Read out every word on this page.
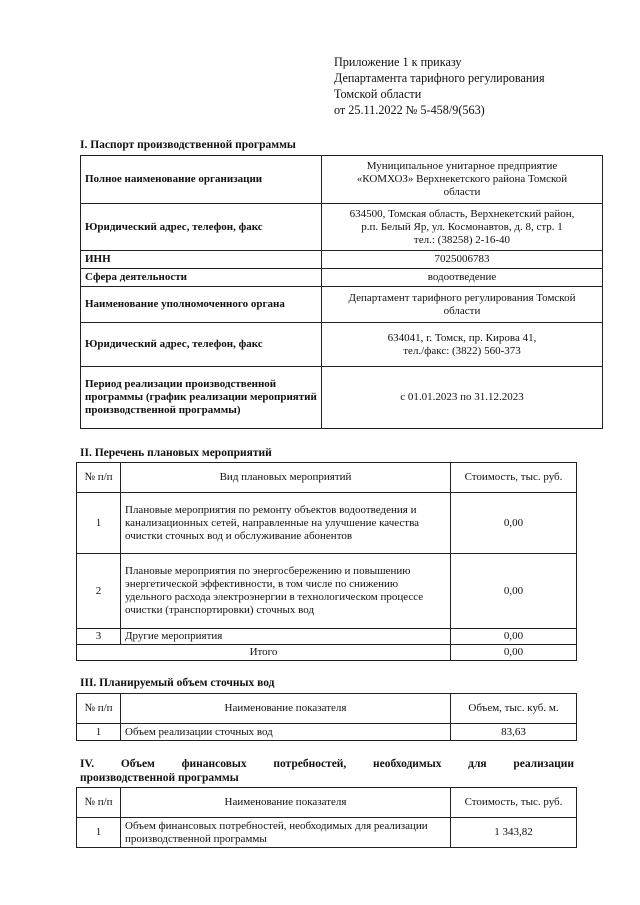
Приложение 1 к приказу
Департамента тарифного регулирования
Томской области
от 25.11.2022 № 5-458/9(563)
I. Паспорт производственной программы
Полное наименование организации	Муниципальное унитарное предприятие
«КОМХОЗ» Верхнекетского района Томской
области

Юридический адрес, телефон, факс	634500, Томская область, Верхнекетский район,
р.п. Белый Яр, ул. Космонавтов, д. 8, стр. 1
тел.: (38258) 2-16-40

ИНН	7025006783

Сфера деятельности	водоотведение

Наименование уполномоченного органа	Департамент тарифного регулирования Томской
области

Юридический адрес, телефон, факс	634041, г. Томск, пр. Кирова 41,
тел./факс: (3822) 560-373

Период реализации производственной программы (график реализации мероприятий производственной программы)	с 01.01.2023 по 31.12.2023
II. Перечень плановых мероприятий
№ п/п	Вид плановых мероприятий	Стоимость, тыс. руб.
1	Плановые мероприятия по ремонту объектов водоотведения и канализационных сетей, направленные на улучшение качества очистки сточных вод и обслуживание абонентов	0,00
2	Плановые мероприятия по энергосбережению и повышению энергетической эффективности, в том числе по снижению удельного расхода электроэнергии в технологическом процессе очистки (транспортировки) сточных вод	0,00
3	Другие мероприятия	0,00
Итого		0,00
III. Планируемый объем сточных вод
№ п/п	Наименование показателя	Объем, тыс. куб. м.
1	Объем реализации сточных вод	83,63
IV. Объем финансовых потребностей, необходимых для реализации
производственной программы
№ п/п	Наименование показателя	Стоимость, тыс. руб.
1	Объем финансовых потребностей, необходимых для реализации производственной программы	1 343,82
